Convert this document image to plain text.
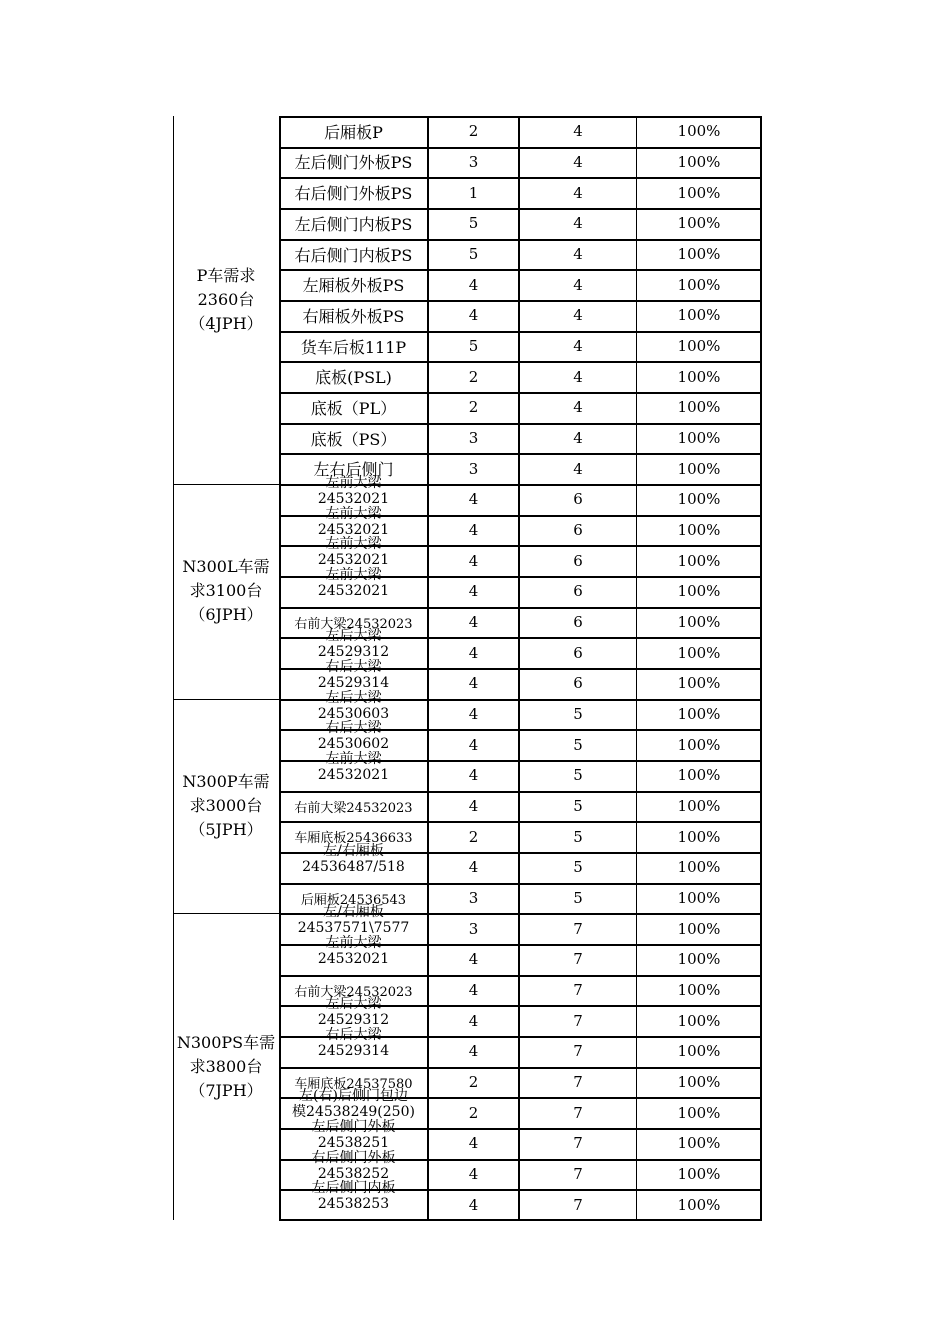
P车需求
2360台
（4JPH）
后厢板P	2	4	100%
左后侧门外板PS	3	4	100%
右后侧门外板PS	1	4	100%
左后侧门内板PS	5	4	100%
右后侧门内板PS	5	4	100%
左厢板外板PS	4	4	100%
右厢板外板PS	4	4	100%
货车后板111P	5	4	100%
底板(PSL)	2	4	100%
底板（PL）	2	4	100%
底板（PS）	3	4	100%
左右后侧门	3	4	100%
N300L车需
求3100台
（6JPH）
左前大梁
24532021	4	6	100%
左前大梁
24532021	4	6	100%
左前大梁
24532021	4	6	100%
左前大梁
24532021	4	6	100%
右前大梁24532023	4	6	100%
左后大梁
24529312	4	6	100%
右后大梁
24529314	4	6	100%
N300P车需
求3000台
（5JPH）
左后大梁
24530603	4	5	100%
右后大梁
24530602	4	5	100%
左前大梁
24532021	4	5	100%
右前大梁24532023	4	5	100%
车厢底板25436633	2	5	100%
左/右厢板
24536487/518	4	5	100%
后厢板24536543	3	5	100%
N300PS车需
求3800台
（7JPH）
左/右厢板
24537571\7577	3	7	100%
左前大梁
24532021	4	7	100%
右前大梁24532023	4	7	100%
左后大梁
24529312	4	7	100%
右后大梁
24529314	4	7	100%
车厢底板24537580	2	7	100%
左(右)后侧门包边
模24538249(250)	2	7	100%
左后侧门外板
24538251	4	7	100%
右后侧门外板
24538252	4	7	100%
左后侧门内板
24538253	4	7	100%
